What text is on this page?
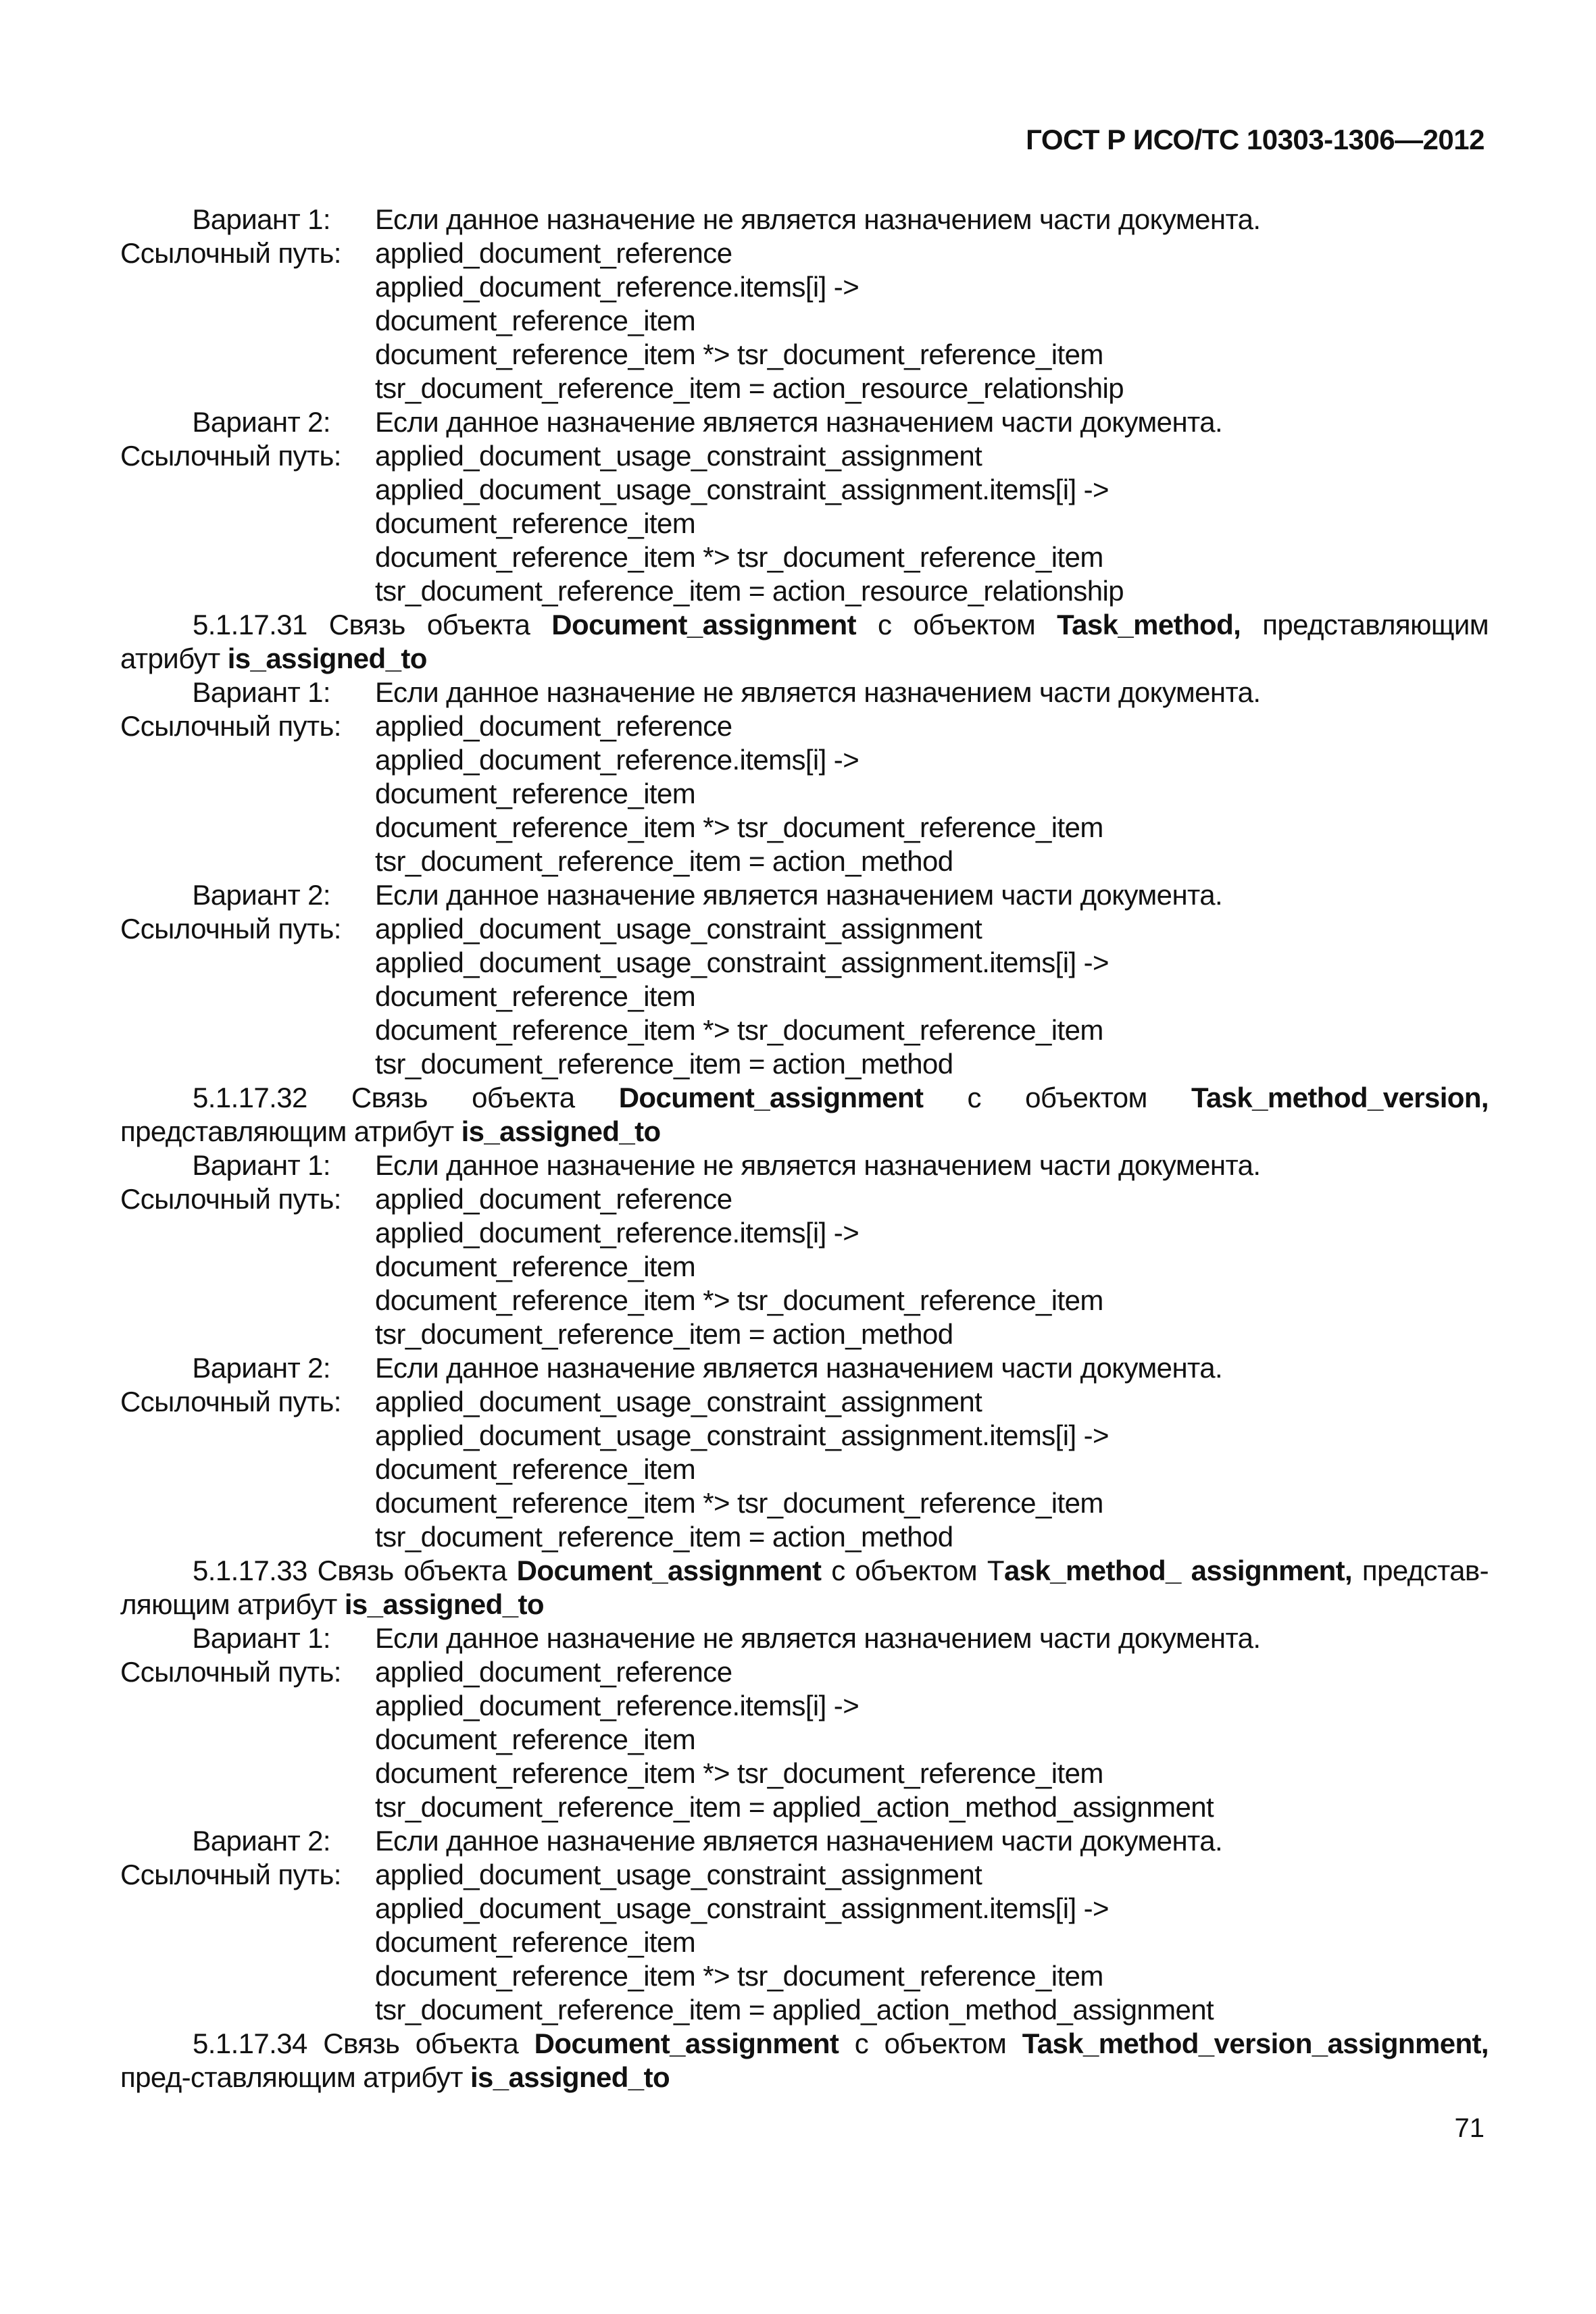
ГОСТ Р ИСО/ТС 10303-1306—2012
Вариант 1:	Если данное назначение не является назначением части документа.
Ссылочный путь:	applied_document_reference
applied_document_reference.items[i] ->
document_reference_item
document_reference_item *> tsr_document_reference_item
tsr_document_reference_item = action_resource_relationship
Вариант 2:	Если данное назначение является назначением части документа.
Ссылочный путь:	applied_document_usage_constraint_assignment
applied_document_usage_constraint_assignment.items[i] ->
document_reference_item
document_reference_item *> tsr_document_reference_item
tsr_document_reference_item = action_resource_relationship
5.1.17.31 Связь объекта Document_assignment с объектом Task_method, представляющим атрибут is_assigned_to
Вариант 1:	Если данное назначение не является назначением части документа.
Ссылочный путь:	applied_document_reference
applied_document_reference.items[i] ->
document_reference_item
document_reference_item *> tsr_document_reference_item
tsr_document_reference_item = action_method
Вариант 2:	Если данное назначение является назначением части документа.
Ссылочный путь:	applied_document_usage_constraint_assignment
applied_document_usage_constraint_assignment.items[i] ->
document_reference_item
document_reference_item *> tsr_document_reference_item
tsr_document_reference_item = action_method
5.1.17.32 Связь объекта Document_assignment с объектом Task_method_version, представляющим атрибут is_assigned_to
Вариант 1:	Если данное назначение не является назначением части документа.
Ссылочный путь:	applied_document_reference
applied_document_reference.items[i] ->
document_reference_item
document_reference_item *> tsr_document_reference_item
tsr_document_reference_item = action_method
Вариант 2:	Если данное назначение является назначением части документа.
Ссылочный путь:	applied_document_usage_constraint_assignment
applied_document_usage_constraint_assignment.items[i] ->
document_reference_item
document_reference_item *> tsr_document_reference_item
tsr_document_reference_item = action_method
5.1.17.33 Связь объекта Document_assignment с объектом Тask_method_ assignment, представ-ляющим атрибут is_assigned_to
Вариант 1:	Если данное назначение не является назначением части документа.
Ссылочный путь:	applied_document_reference
applied_document_reference.items[i] ->
document_reference_item
document_reference_item *> tsr_document_reference_item
tsr_document_reference_item = applied_action_method_assignment
Вариант 2:	Если данное назначение является назначением части документа.
Ссылочный путь:	applied_document_usage_constraint_assignment
applied_document_usage_constraint_assignment.items[i] ->
document_reference_item
document_reference_item *> tsr_document_reference_item
tsr_document_reference_item = applied_action_method_assignment
5.1.17.34 Связь объекта Document_assignment с объектом Task_method_version_assignment, пред-ставляющим атрибут is_assigned_to
71
